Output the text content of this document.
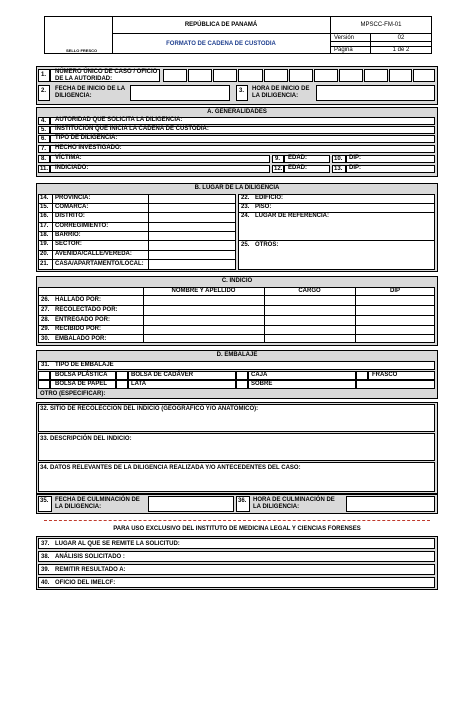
SELLO FRESCO
REPÚBLICA DE PANAMÁ
FORMATO DE CADENA DE CUSTODIA
MPSCC-FM-01
Versión	02
Página	1 de 2
1.	NÚMERO ÚNICO DE CASO / OFICIO DE LA AUTORIDAD:
2.	FECHA DE INICIO DE LA DILIGENCIA:
3.	HORA DE INICIO DE LA DILIGENCIA:
A. GENERALIDADES
4.	AUTORIDAD QUE SOLICITA LA DILIGENCIA:
5.	INSTITUCIÓN QUE INICIA LA CADENA DE CUSTODIA:
6.	TIPO DE DILIGENCIA:
7.	HECHO INVESTIGADO:
8.	VÍCTIMA:	9.	EDAD:	10.	DIP:
11. INDICIADO:	12. EDAD:	13.	DIP:
B. LUGAR DE LA DILIGENCIA
14. PROVINCIA:
15. COMARCA:
16. DISTRITO:
17. CORREGIMIENTO:
18. BARRIO:
19. SECTOR:
20. AVENIDA/CALLE/VEREDA:
21. CASA/APARTAMENTO/LOCAL:
22. EDIFICIO:
23. PISO:
24. LUGAR DE REFERENCIA:
25. OTROS:
C. INDICIO
NOMBRE Y APELLIDO	CARGO	DIP
26. HALLADO POR:
27. RECOLECTADO POR:
28. ENTREGADO POR:
29. RECIBIDO POR:
30. EMBALADO POR:
D. EMBALAJE
31. TIPO DE EMBALAJE
BOLSA PLÁSTICA	BOLSA DE CADÁVER	CAJA	FRASCO
BOLSA DE PAPEL	LATA	SOBRE
OTRO (ESPECIFICAR):
32. SITIO DE RECOLECCIÓN DEL INDICIO (GEOGRÁFICO Y/O ANATÓMICO):
33. DESCRIPCIÓN DEL INDICIO:
34. DATOS RELEVANTES DE LA DILIGENCIA REALIZADA Y/O ANTECEDENTES DEL CASO:
35.	FECHA DE CULMINACIÓN DE LA DILIGENCIA:
36.	HORA DE CULMINACIÓN DE LA DILIGENCIA:
PARA USO EXCLUSIVO DEL INSTITUTO DE MEDICINA LEGAL Y CIENCIAS FORENSES
37. LUGAR AL QUE SE REMITE LA SOLICITUD:
38. ANÁLISIS SOLICITADO :
39. REMITIR RESULTADO A:
40. OFICIO DEL IMELCF:
